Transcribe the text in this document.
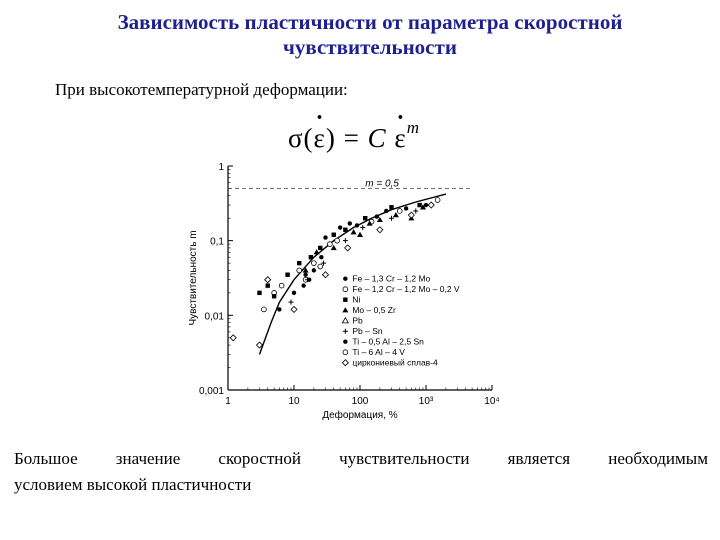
Зависимость пластичности от параметра скоростной чувствительности
При высокотемпературной деформации:
$\sigma(\cdot \varepsilon) = C \cdot \varepsilon^m$
1	10	100	10³	10⁴
0,001
0,01
0,1
1
Деформация, %
Чувствительность m
m = 0,5
Fe – 1,3 Cr – 1,2 Mo
Fe – 1,2 Cr – 1,2 Mo – 0,2 V
Ni
Mo – 0,5 Zr
Pb
Pb – Sn
Ti – 0,5 Al – 2,5 Sn
Ti – 6 Al – 4 V
циркониевый сплав-4
Большое значение скоростной чувствительности является необходимым
условием высокой пластичности
